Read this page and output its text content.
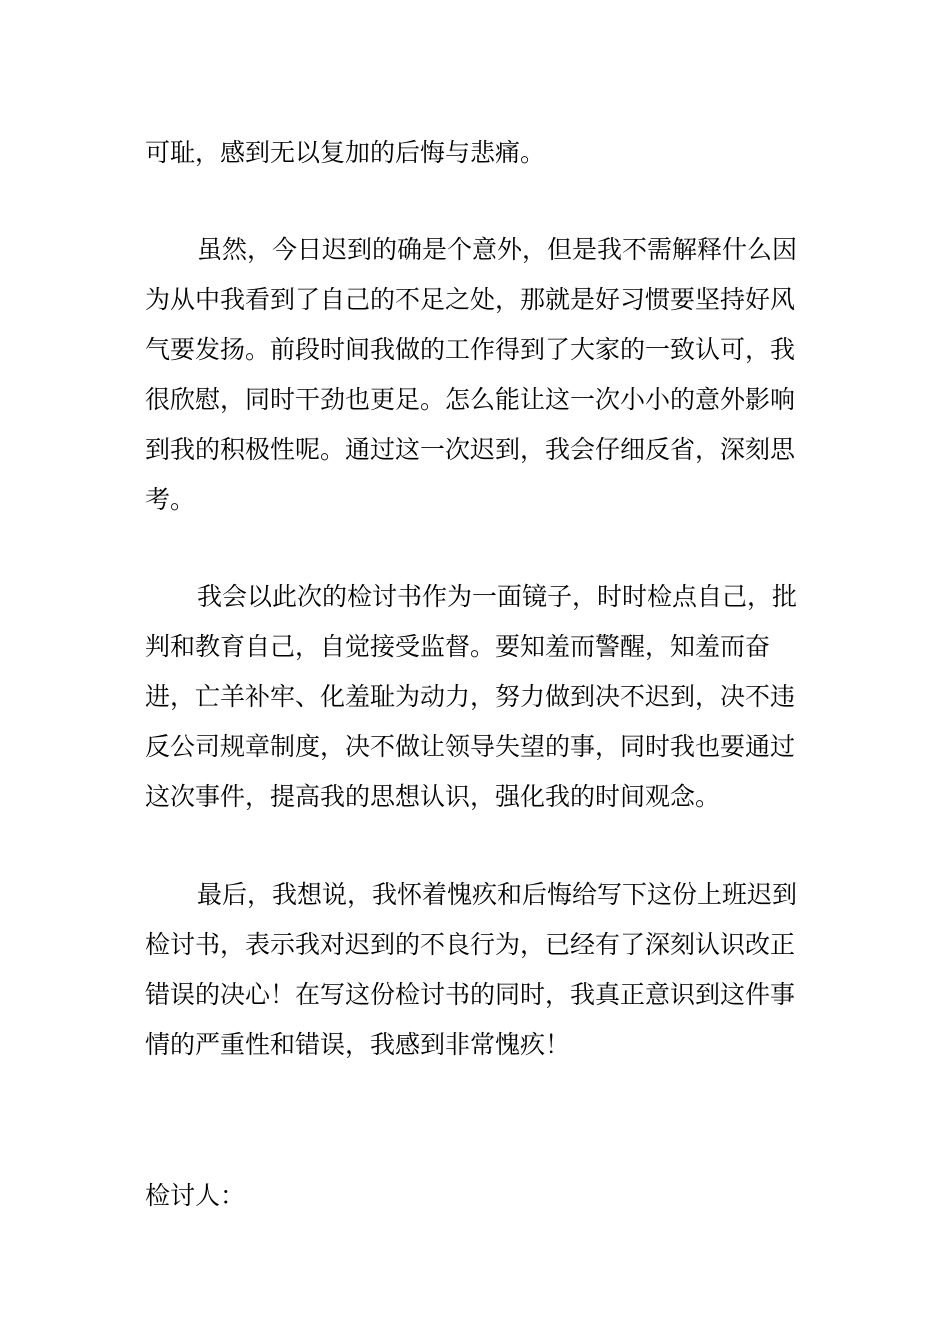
可耻，感到无以复加的后悔与悲痛。

虽然，今日迟到的确是个意外，但是我不需解释什么因为从中我看到了自己的不足之处，那就是好习惯要坚持好风气要发扬。前段时间我做的工作得到了大家的一致认可，我很欣慰，同时干劲也更足。怎么能让这一次小小的意外影响到我的积极性呢。通过这一次迟到，我会仔细反省，深刻思考。

我会以此次的检讨书作为一面镜子，时时检点自己，批判和教育自己，自觉接受监督。要知羞而警醒，知羞而奋进，亡羊补牢、化羞耻为动力，努力做到决不迟到，决不违反公司规章制度，决不做让领导失望的事，同时我也要通过这次事件，提高我的思想认识，强化我的时间观念。

最后，我想说，我怀着愧疚和后悔给写下这份上班迟到检讨书，表示我对迟到的不良行为，已经有了深刻认识改正错误的决心！在写这份检讨书的同时，我真正意识到这件事情的严重性和错误，我感到非常愧疚！

检讨人：
